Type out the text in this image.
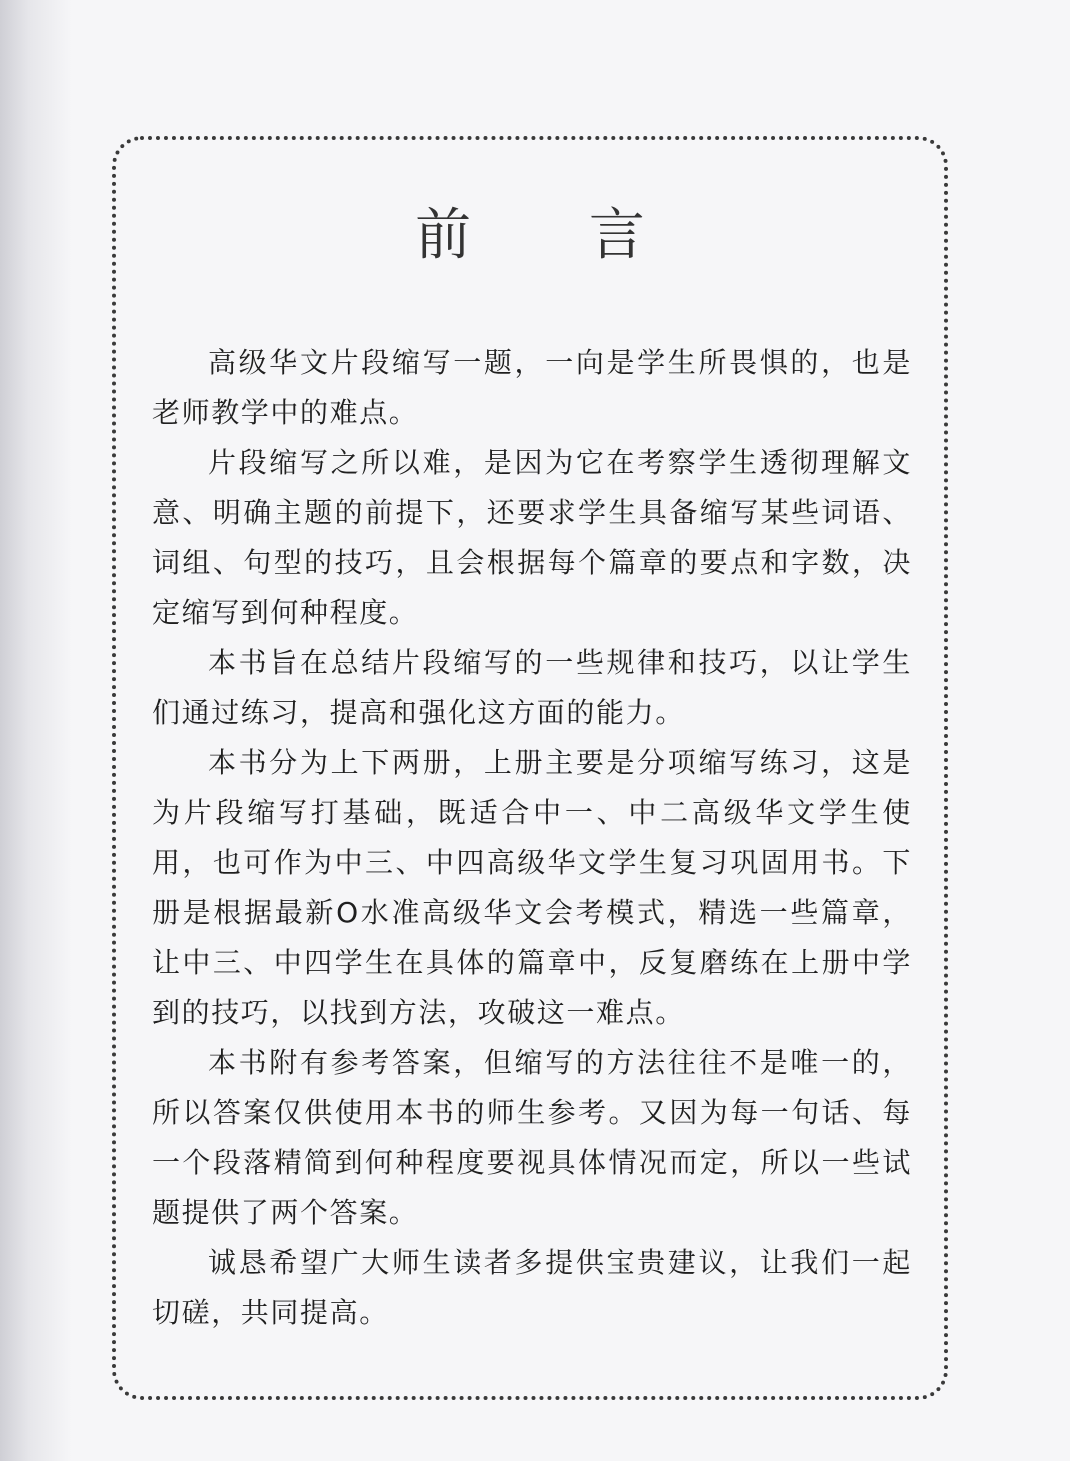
前 言

高级华文片段缩写一题，一向是学生所畏惧的，也是老师教学中的难点。

片段缩写之所以难，是因为它在考察学生透彻理解文意、明确主题的前提下，还要求学生具备缩写某些词语、词组、句型的技巧，且会根据每个篇章的要点和字数，决定缩写到何种程度。

本书旨在总结片段缩写的一些规律和技巧，以让学生们通过练习，提高和强化这方面的能力。

本书分为上下两册，上册主要是分项缩写练习，这是为片段缩写打基础，既适合中一、中二高级华文学生使用，也可作为中三、中四高级华文学生复习巩固用书。下册是根据最新O水准高级华文会考模式，精选一些篇章，让中三、中四学生在具体的篇章中，反复磨练在上册中学到的技巧，以找到方法，攻破这一难点。

本书附有参考答案，但缩写的方法往往不是唯一的，所以答案仅供使用本书的师生参考。又因为每一句话、每一个段落精简到何种程度要视具体情况而定，所以一些试题提供了两个答案。

诚恳希望广大师生读者多提供宝贵建议，让我们一起切磋，共同提高。
